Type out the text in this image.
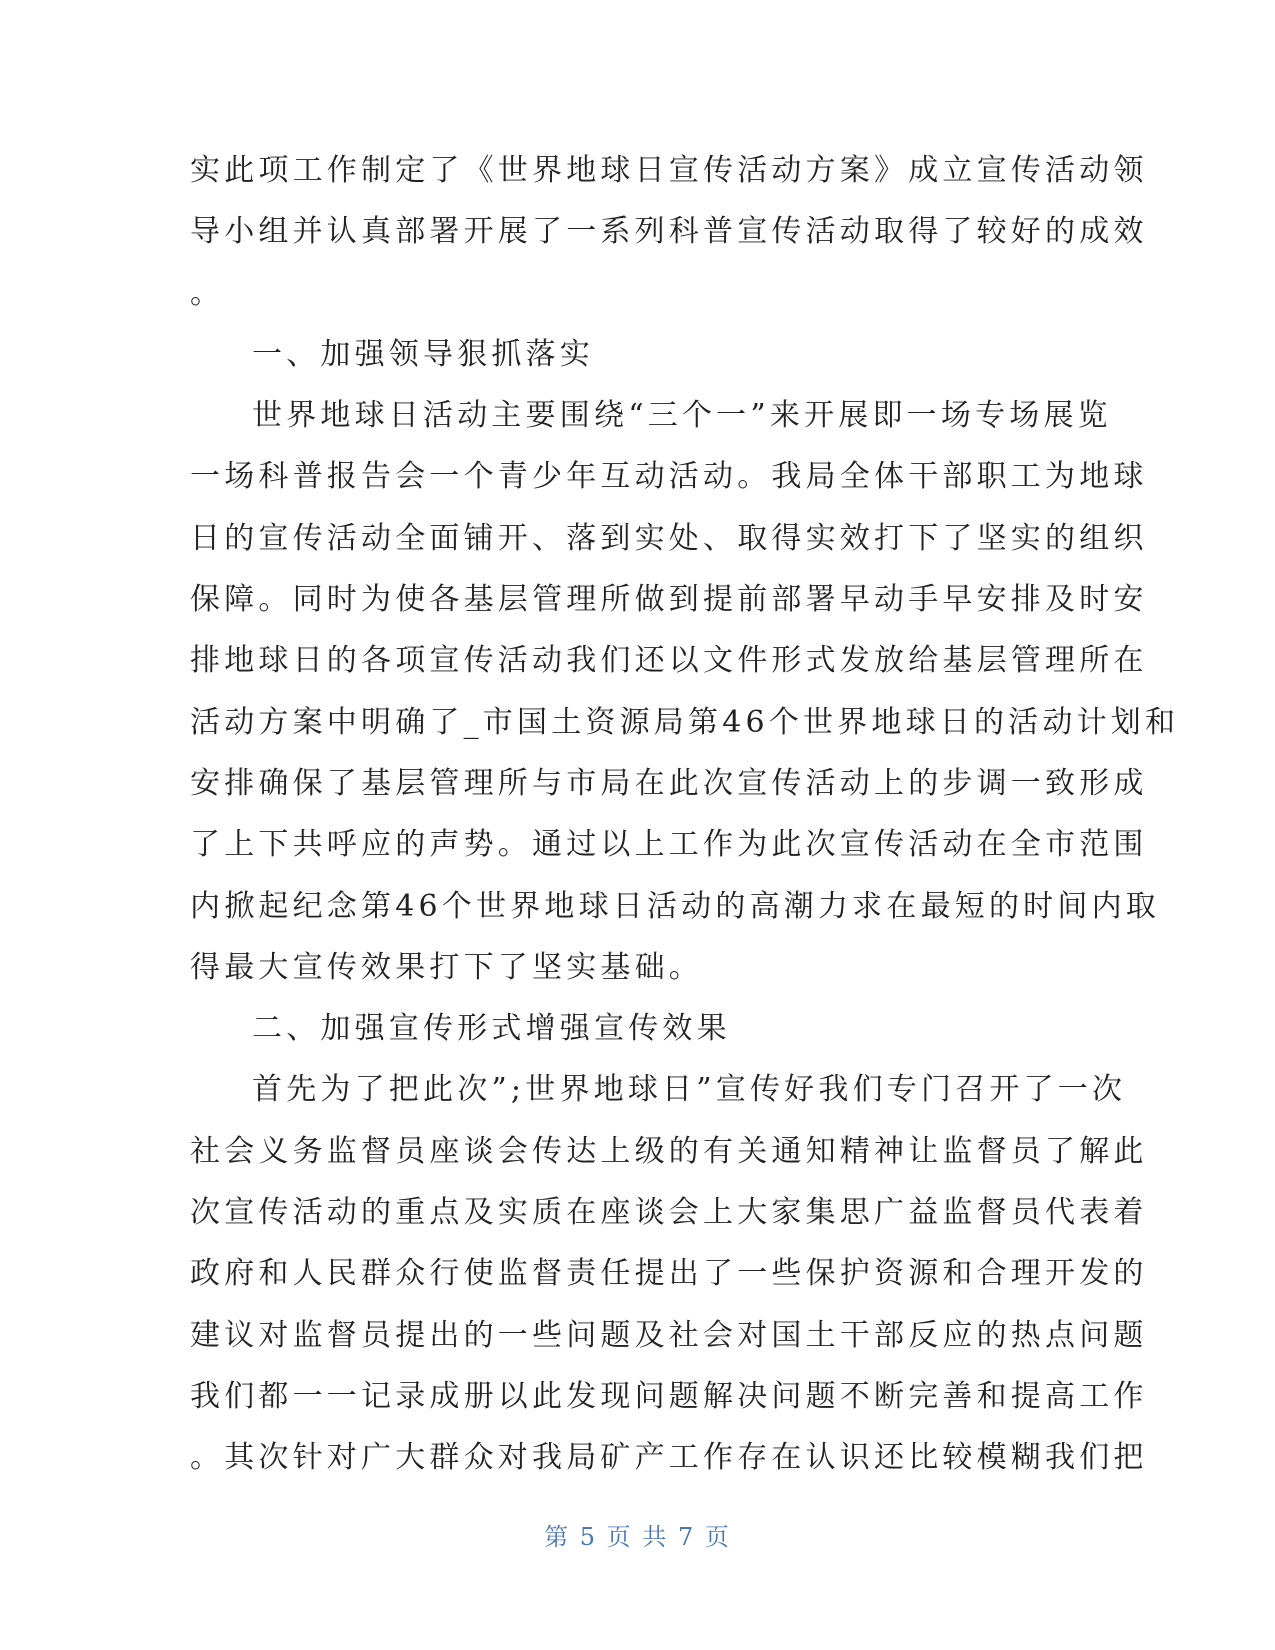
实此项工作制定了《世界地球日宣传活动方案》成立宣传活动领
导小组并认真部署开展了一系列科普宣传活动取得了较好的成效
。
一、加强领导狠抓落实
世界地球日活动主要围绕“三个一”来开展即一场专场展览
一场科普报告会一个青少年互动活动。我局全体干部职工为地球
日的宣传活动全面铺开、落到实处、取得实效打下了坚实的组织
保障。同时为使各基层管理所做到提前部署早动手早安排及时安
排地球日的各项宣传活动我们还以文件形式发放给基层管理所在
活动方案中明确了_市国土资源局第46个世界地球日的活动计划和
安排确保了基层管理所与市局在此次宣传活动上的步调一致形成
了上下共呼应的声势。通过以上工作为此次宣传活动在全市范围
内掀起纪念第46个世界地球日活动的高潮力求在最短的时间内取
得最大宣传效果打下了坚实基础。
二、加强宣传形式增强宣传效果
首先为了把此次”;世界地球日”宣传好我们专门召开了一次
社会义务监督员座谈会传达上级的有关通知精神让监督员了解此
次宣传活动的重点及实质在座谈会上大家集思广益监督员代表着
政府和人民群众行使监督责任提出了一些保护资源和合理开发的
建议对监督员提出的一些问题及社会对国土干部反应的热点问题
我们都一一记录成册以此发现问题解决问题不断完善和提高工作
。其次针对广大群众对我局矿产工作存在认识还比较模糊我们把
第 5 页 共 7 页
